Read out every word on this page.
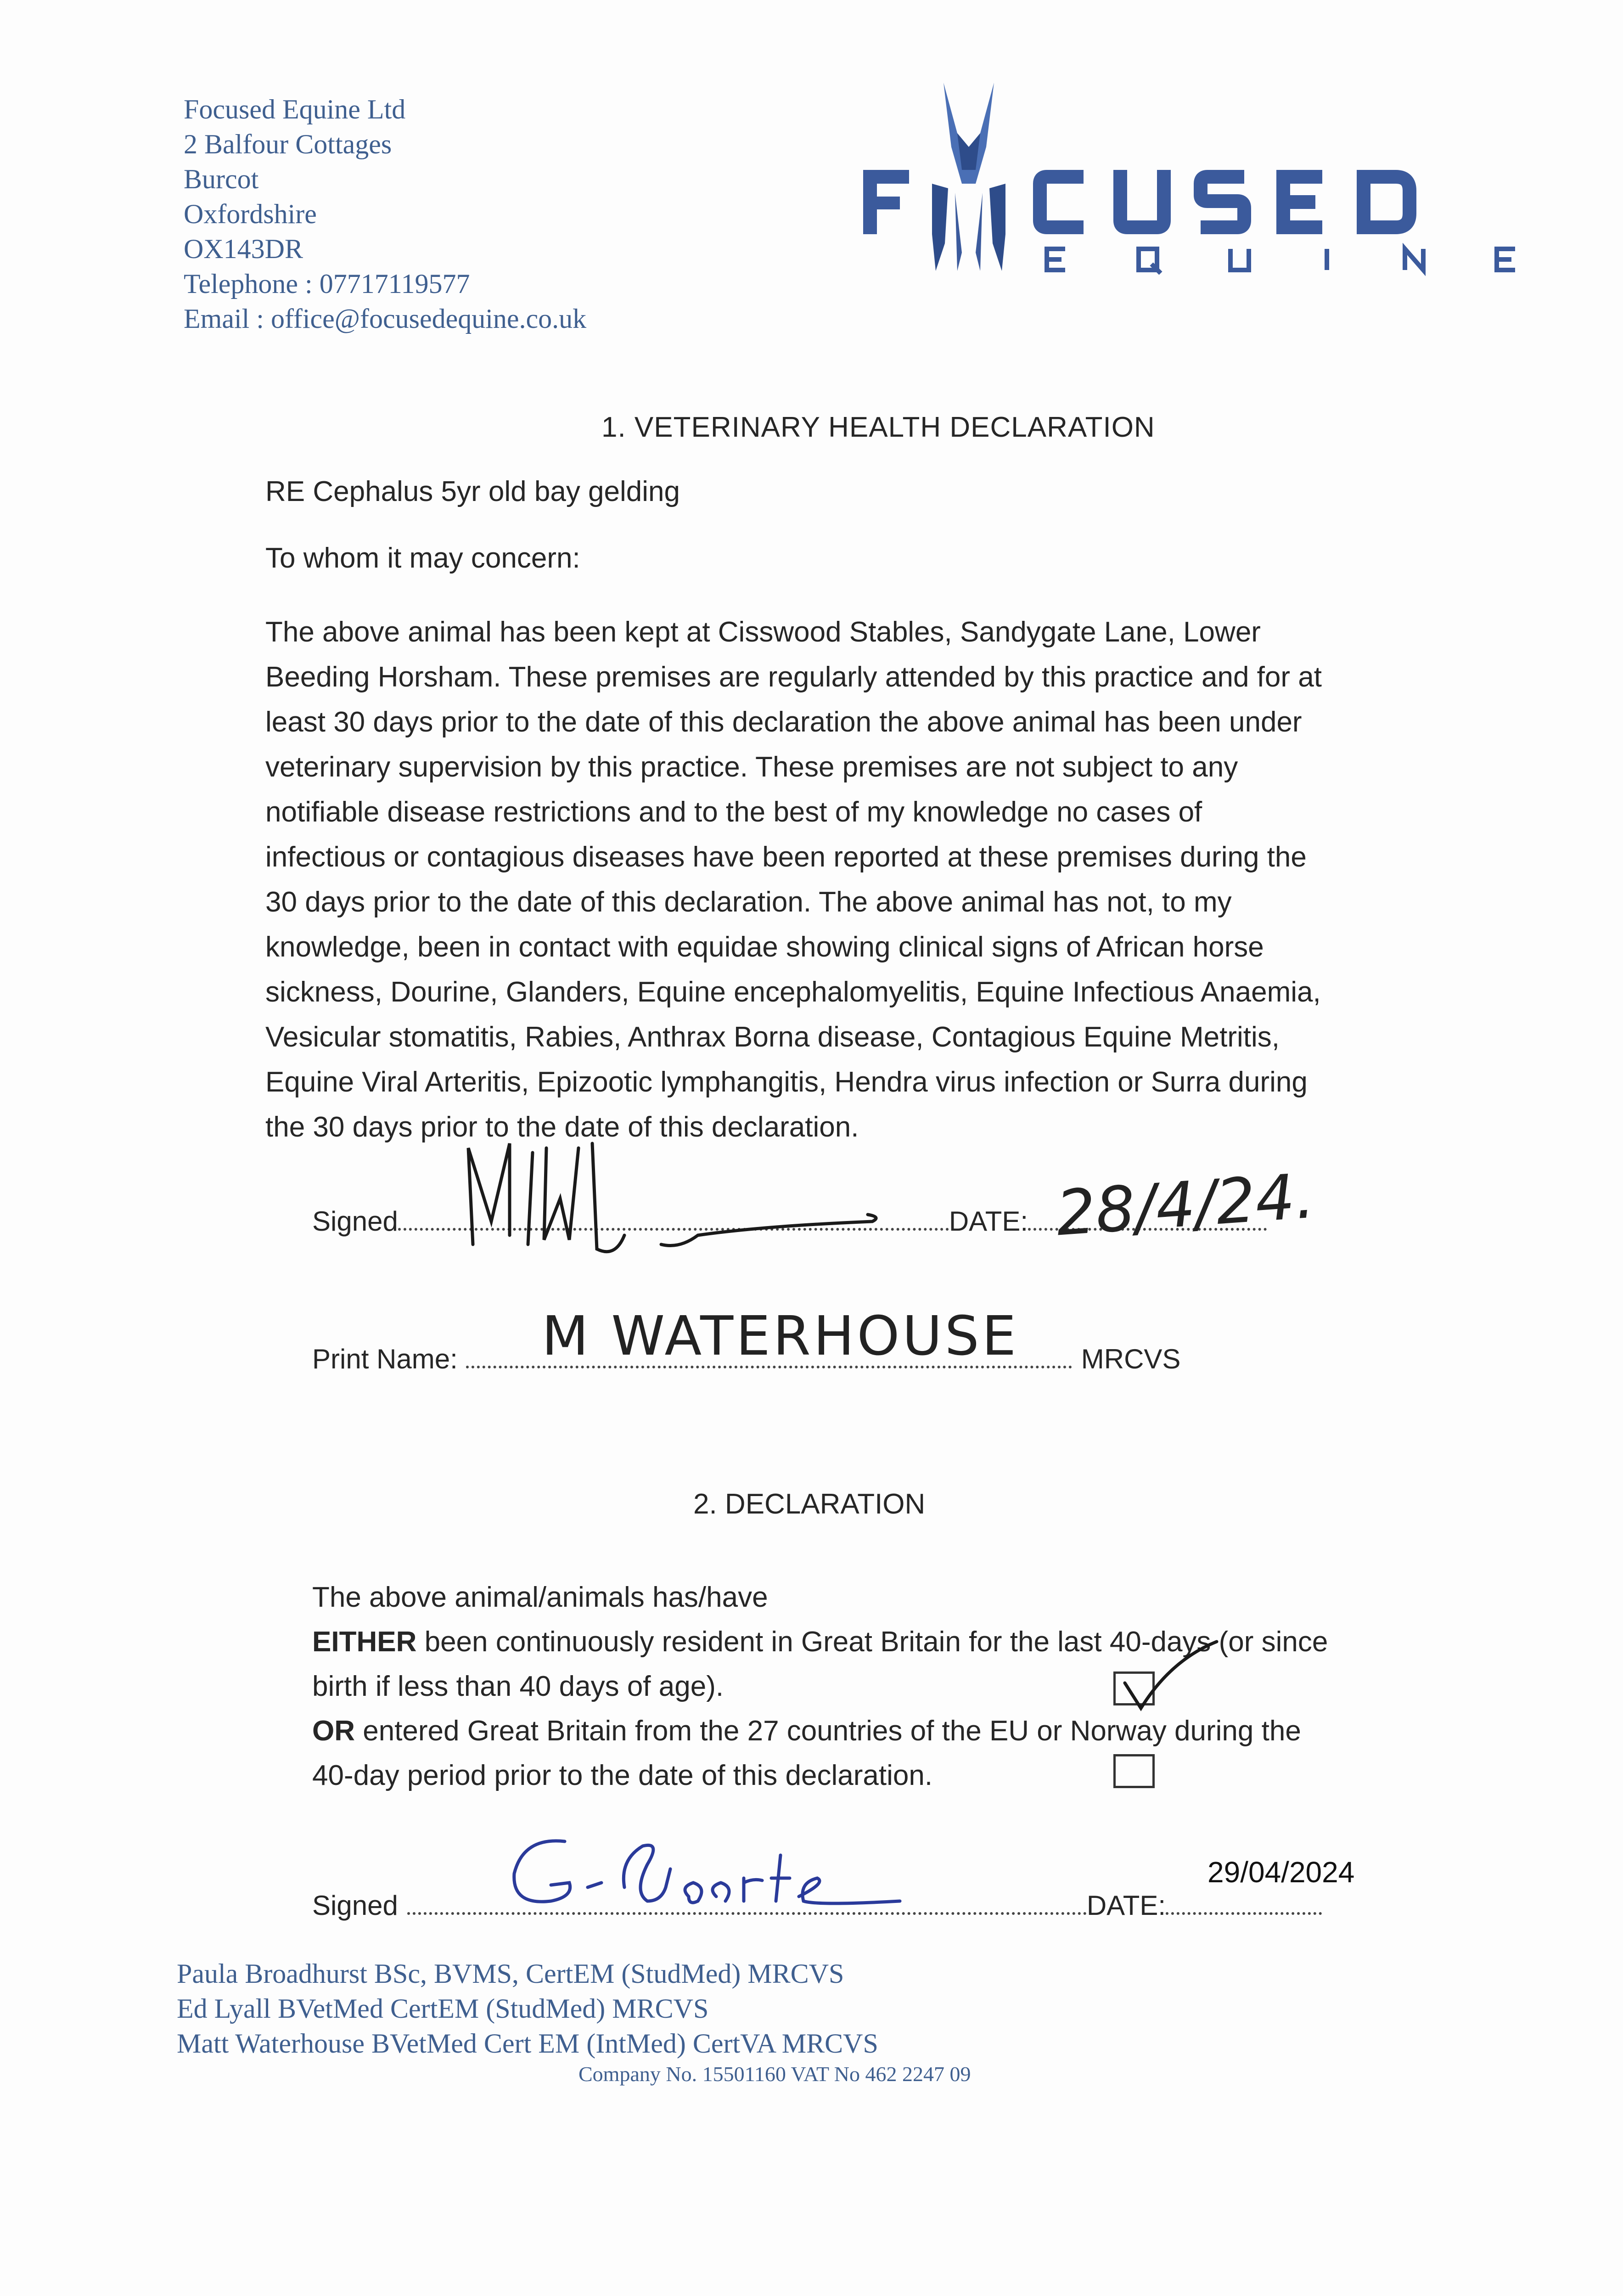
Focused Equine Ltd
2 Balfour Cottages
Burcot
Oxfordshire
OX143DR
Telephone : 07717119577
Email : office@focusedequine.co.uk
1. VETERINARY HEALTH DECLARATION
RE Cephalus 5yr old bay gelding
To whom it may concern:
The above animal has been kept at Cisswood Stables, Sandygate Lane, Lower
Beeding Horsham. These premises are regularly attended by this practice and for at
least 30 days prior to the date of this declaration the above animal has been under
veterinary supervision by this practice. These premises are not subject to any
notifiable disease restrictions and to the best of my knowledge no cases of
infectious or contagious diseases have been reported at these premises during the
30 days prior to the date of this declaration. The above animal has not, to my
knowledge, been in contact with equidae showing clinical signs of African horse
sickness, Dourine, Glanders, Equine encephalomyelitis, Equine Infectious Anaemia,
Vesicular stomatitis, Rabies, Anthrax Borna disease, Contagious Equine Metritis,
Equine Viral Arteritis, Epizootic lymphangitis, Hendra virus infection or Surra during
the 30 days prior to the date of this declaration.
Signed	DATE: 28/4/24.
Print Name:	MRCVS
M WATERHOUSE
2. DECLARATION
The above animal/animals has/have
EITHER been continuously resident in Great Britain for the last 40-days (or since
birth if less than 40 days of age).
OR entered Great Britain from the 27 countries of the EU or Norway during the
40-day period prior to the date of this declaration.
Signed	DATE:
29/04/2024
Paula Broadhurst BSc, BVMS, CertEM (StudMed) MRCVS
Ed Lyall BVetMed CertEM (StudMed) MRCVS
Matt Waterhouse BVetMed Cert EM (IntMed) CertVA MRCVS
Company No. 15501160 VAT No 462 2247 09
